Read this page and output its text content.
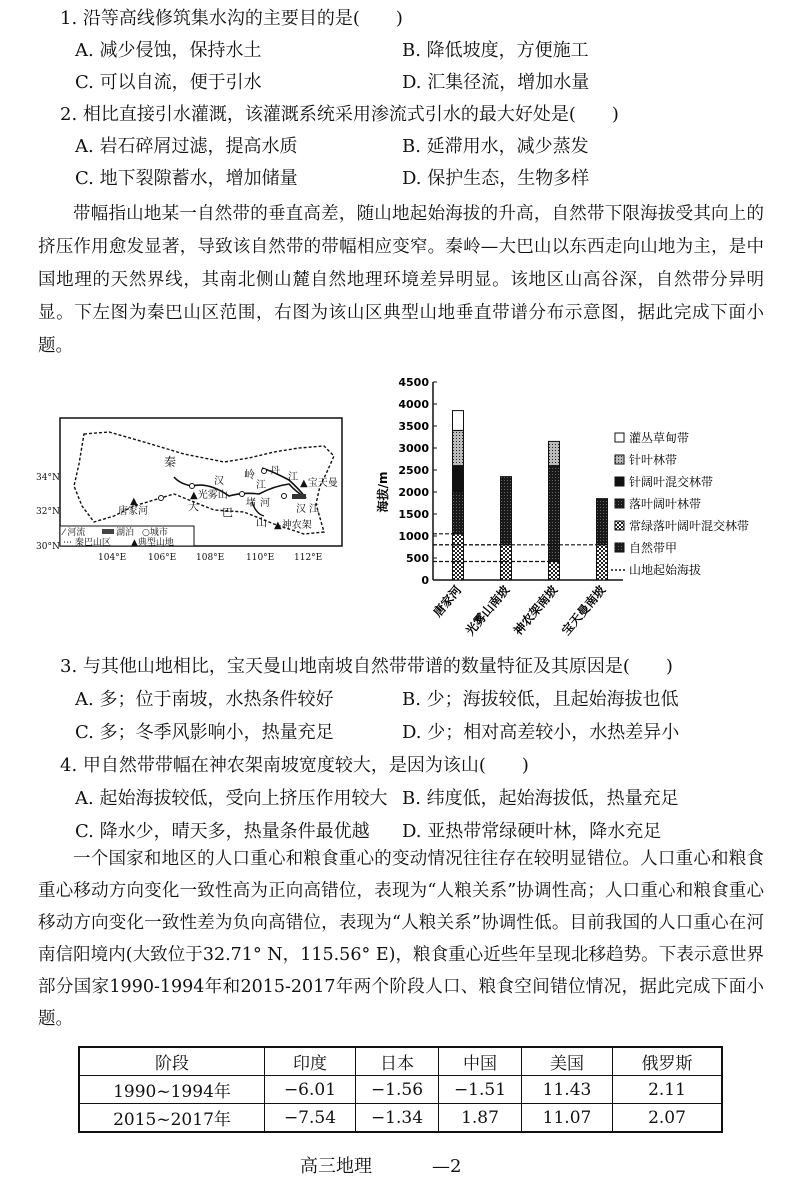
1. 沿等高线修筑集水沟的主要目的是(　　)
A. 减少侵蚀，保持水土	B. 降低坡度，方便施工
C. 可以自流，便于引水	D. 汇集径流，增加水量
2. 相比直接引水灌溉，该灌溉系统采用渗流式引水的最大好处是(　　)
A. 岩石碎屑过滤，提高水质	B. 延滞用水，减少蒸发
C. 地下裂隙蓄水，增加储量	D. 保护生态，生物多样
带幅指山地某一自然带的垂直高差，随山地起始海拔的升高，自然带下限海拔受其向上的挤压作用愈发显著，导致该自然带的带幅相应变窄。秦岭—大巴山以东西走向山地为主，是中国地理的天然界线，其南北侧山麓自然地理环境差异明显。该地区山高谷深，自然带分异明显。下左图为秦巴山区范围，右图为该山区典型山地垂直带谱分布示意图，据此完成下面小题。
秦
岭
汉	江
丹
江
汉 江
堵 河
大 巴
山
▲光雾山
▲
唐家河
▲宝天曼
▲神农架
⁄ 河流	湖泊 ○城市
⋯ 秦巴山区 ▲典型山地
34°N
32°N
30°N
104°E 106°E 108°E 110°E 112°E
0
500
1000
1500
2000
2500
3000
3500
4000
4500
海拔/m
唐家河
光雾山南坡
神农架南坡
宝天曼南坡
灌丛草甸带
针叶林带
针阔叶混交林带
落叶阔叶林带
常绿落叶阔叶混交林带
自然带甲
山地起始海拔
3. 与其他山地相比，宝天曼山地南坡自然带带谱的数量特征及其原因是(　　)
A. 多；位于南坡，水热条件较好	B. 少；海拔较低，且起始海拔也低
C. 多；冬季风影响小，热量充足	D. 少；相对高差较小，水热差异小
4. 甲自然带带幅在神农架南坡宽度较大，是因为该山(　　)
A. 起始海拔较低，受向上挤压作用较大 B. 纬度低，起始海拔低，热量充足
C. 降水少，晴天多，热量条件最优越 D. 亚热带常绿硬叶林，降水充足
一个国家和地区的人口重心和粮食重心的变动情况往往存在较明显错位。人口重心和粮食重心移动方向变化一致性高为正向高错位，表现为“人粮关系”协调性高；人口重心和粮食重心移动方向变化一致性差为负向高错位，表现为“人粮关系”协调性低。目前我国的人口重心在河南信阳境内(大致位于32.71° N，115.56° E)，粮食重心近些年呈现北移趋势。下表示意世界部分国家1990-1994年和2015-2017年两个阶段人口、粮食空间错位情况，据此完成下面小题。
阶段	印度	日本	中国	美国	俄罗斯
1990~1994年	−6.01	−1.56	−1.51	11.43	2.11
2015~2017年	−7.54	−1.34	1.87	11.07	2.07
高三地理	—2
